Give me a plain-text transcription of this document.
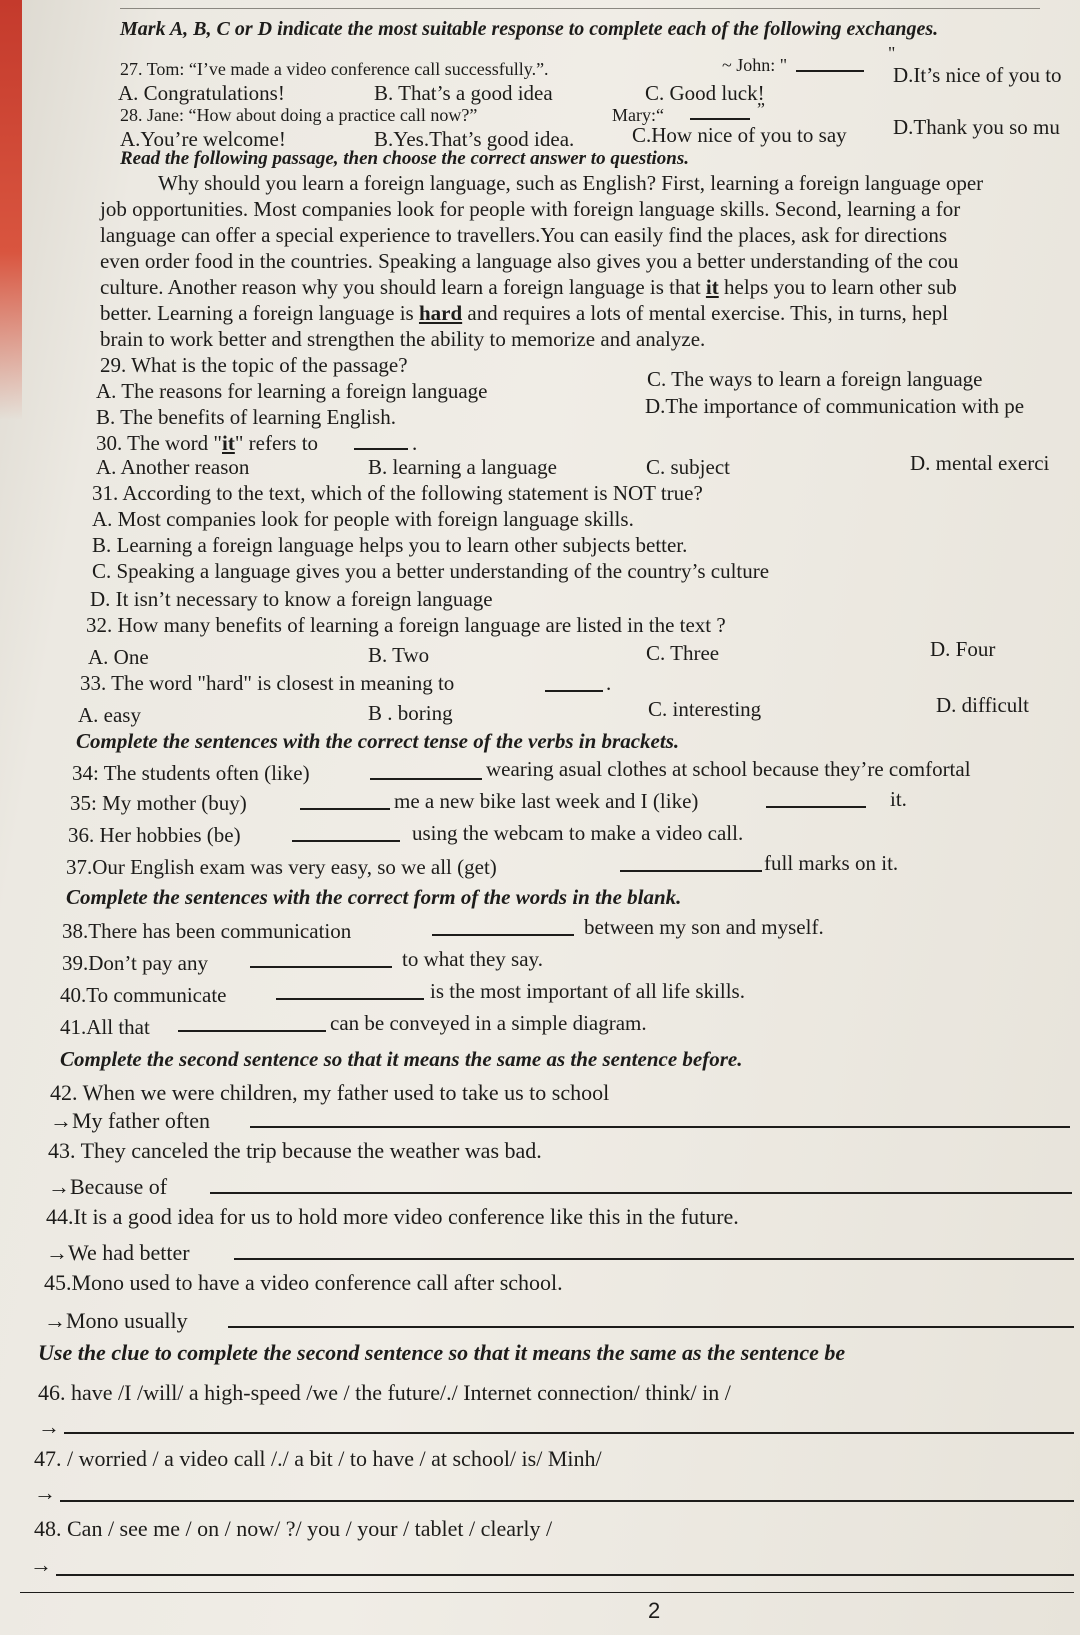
Mark A, B, C or D indicate the most suitable response to complete each of the following exchanges.
27. Tom: “I’ve made a video conference call successfully.”.	~ John: "
"
A. Congratulations!	B. That’s a good idea	C. Good luck!
D.It’s nice of you to
28. Jane: “How about doing a practice call now?”	Mary:“	”
A.You’re welcome!	B.Yes.That’s good idea.	C.How nice of you to say D.Thank you so mu
Read the following passage, then choose the correct answer to questions.
Why should you learn a foreign language, such as English? First, learning a foreign language oper
job opportunities. Most companies look for people with foreign language skills. Second, learning a for
language can offer a special experience to travellers.You can easily find the places, ask for directions
even order food in the countries. Speaking a language also gives you a better understanding of the cou
culture. Another reason why you should learn a foreign language is that it helps you to learn other sub
better. Learning a foreign language is hard and requires a lots of mental exercise. This, in turns, hepl
brain to work better and strengthen the ability to memorize and analyze.
29. What is the topic of the passage?
A. The reasons for learning a foreign language	C. The ways to learn a foreign language
B. The benefits of learning English.	D.The importance of communication with pe
30. The word "it" refers to	.
A. Another reason	B. learning a language	C. subject	D. mental exerci
31. According to the text, which of the following statement is NOT true?
A. Most companies look for people with foreign language skills.
B. Learning a foreign language helps you to learn other subjects better.
C. Speaking a language gives you a better understanding of the country’s culture
D. It isn’t necessary to know a foreign language
32. How many benefits of learning a foreign language are listed in the text ?
A. One	B. Two	C. Three	D. Four
33. The word "hard" is closest in meaning to	.
A. easy	B . boring	C. interesting	D. difficult
Complete the sentences with the correct tense of the verbs in brackets.
34: The students often (like)	wearing asual clothes at school because they’re comfortal
35: My mother (buy)	me a new bike last week and I (like)	it.
36. Her hobbies (be)	using the webcam to make a video call.
37.Our English exam was very easy, so we all (get)	full marks on it.
Complete the sentences with the correct form of the words in the blank.
38.There has been communication	between my son and myself.
39.Don’t pay any	to what they say.
40.To communicate	is the most important of all life skills.
41.All that	can be conveyed in a simple diagram.
Complete the second sentence so that it means the same as the sentence before.
42. When we were children, my father used to take us to school
→My father often
43. They canceled the trip because the weather was bad.
→Because of
44.It is a good idea for us to hold more video conference like this in the future.
→We had better
45.Mono used to have a video conference call after school.
→Mono usually
Use the clue to complete the second sentence so that it means the same as the sentence be
46. have /I /will/ a high-speed /we / the future/./ Internet connection/ think/ in /
→
47. / worried / a video call /./ a bit / to have / at school/ is/ Minh/
→
48. Can / see me / on / now/ ?/ you / your / tablet / clearly /
→
2
